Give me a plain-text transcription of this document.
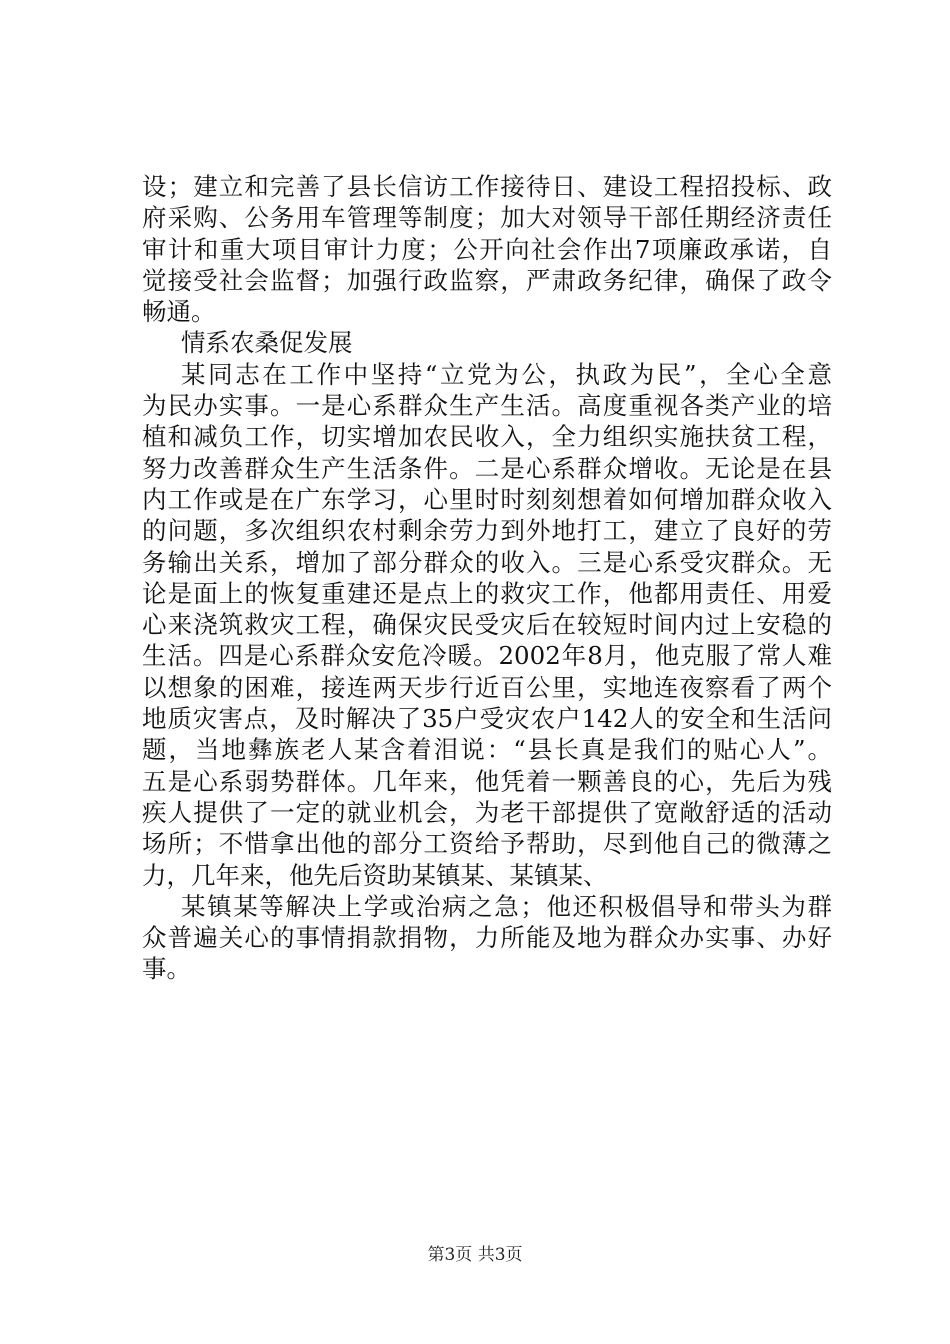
设；建立和完善了县长信访工作接待日、建设工程招投标、政
府采购、公务用车管理等制度；加大对领导干部任期经济责任
审计和重大项目审计力度；公开向社会作出7项廉政承诺，自
觉接受社会监督；加强行政监察，严肃政务纪律，确保了政令
畅通。
情系农桑促发展
某同志在工作中坚持“立党为公，执政为民”，全心全意
为民办实事。一是心系群众生产生活。高度重视各类产业的培
植和减负工作，切实增加农民收入，全力组织实施扶贫工程，
努力改善群众生产生活条件。二是心系群众增收。无论是在县
内工作或是在广东学习，心里时时刻刻想着如何增加群众收入
的问题，多次组织农村剩余劳力到外地打工，建立了良好的劳
务输出关系，增加了部分群众的收入。三是心系受灾群众。无
论是面上的恢复重建还是点上的救灾工作，他都用责任、用爱
心来浇筑救灾工程，确保灾民受灾后在较短时间内过上安稳的
生活。四是心系群众安危冷暖。2002年8月，他克服了常人难
以想象的困难，接连两天步行近百公里，实地连夜察看了两个
地质灾害点，及时解决了35户受灾农户142人的安全和生活问
题，当地彝族老人某含着泪说：“县长真是我们的贴心人”。
五是心系弱势群体。几年来，他凭着一颗善良的心，先后为残
疾人提供了一定的就业机会，为老干部提供了宽敞舒适的活动
场所；不惜拿出他的部分工资给予帮助，尽到他自己的微薄之
力，几年来，他先后资助某镇某、某镇某、
某镇某等解决上学或治病之急；他还积极倡导和带头为群
众普遍关心的事情捐款捐物，力所能及地为群众办实事、办好
事。
第3页 共3页
